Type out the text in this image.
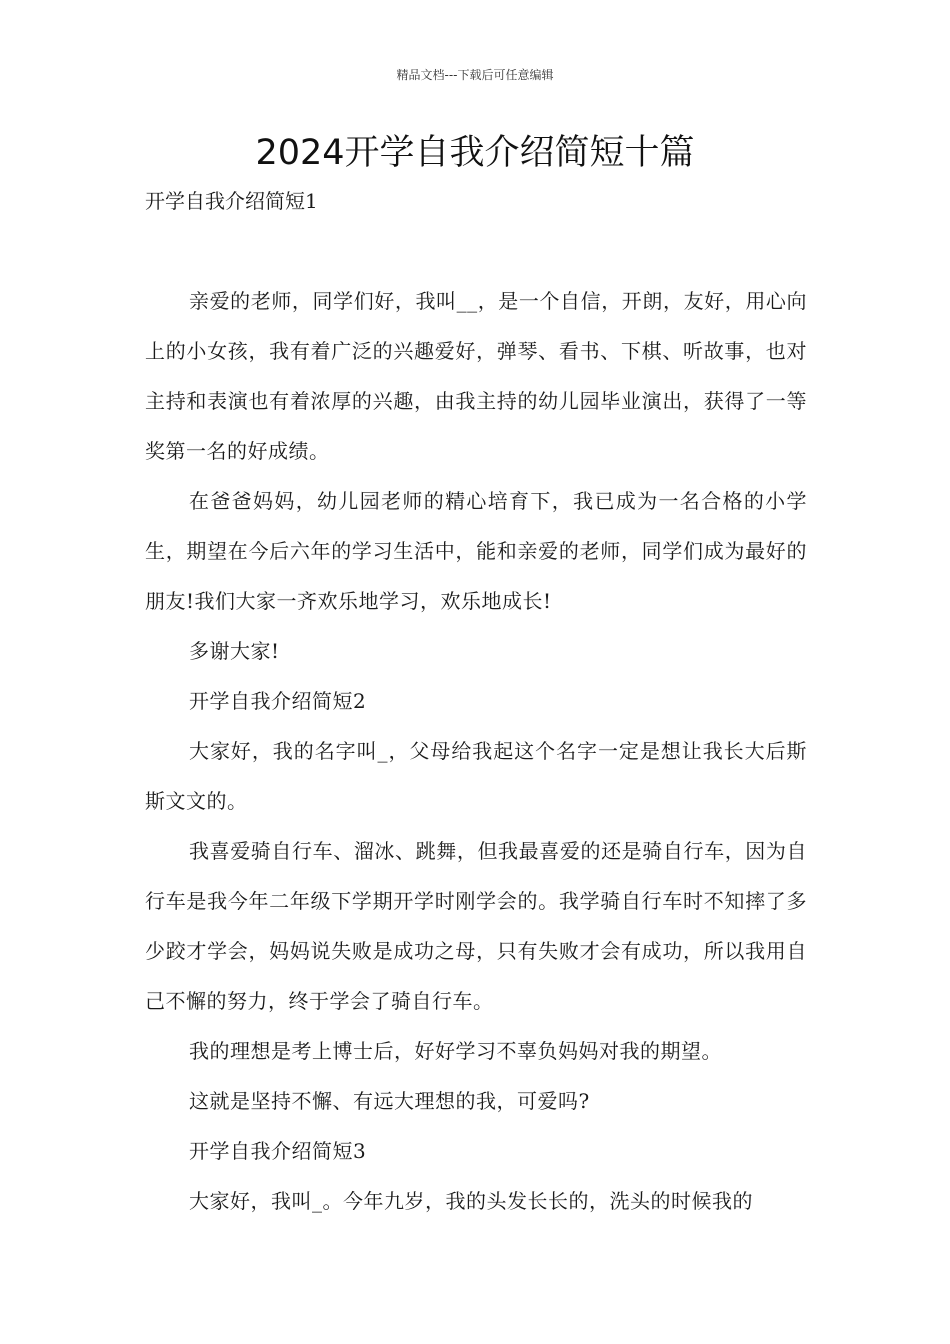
精品文档---下载后可任意编辑
2024开学自我介绍简短十篇
开学自我介绍简短1

亲爱的老师，同学们好，我叫__，是一个自信，开朗，友好，用心向上的小女孩，我有着广泛的兴趣爱好，弹琴、看书、下棋、听故事，也对主持和表演也有着浓厚的兴趣，由我主持的幼儿园毕业演出，获得了一等奖第一名的好成绩。

在爸爸妈妈，幼儿园老师的精心培育下，我已成为一名合格的小学生，期望在今后六年的学习生活中，能和亲爱的老师，同学们成为最好的朋友!我们大家一齐欢乐地学习，欢乐地成长!

多谢大家!

开学自我介绍简短2

大家好，我的名字叫_，父母给我起这个名字一定是想让我长大后斯斯文文的。

我喜爱骑自行车、溜冰、跳舞，但我最喜爱的还是骑自行车，因为自行车是我今年二年级下学期开学时刚学会的。我学骑自行车时不知摔了多少跤才学会，妈妈说失败是成功之母，只有失败才会有成功，所以我用自己不懈的努力，终于学会了骑自行车。

我的理想是考上博士后，好好学习不辜负妈妈对我的期望。

这就是坚持不懈、有远大理想的我，可爱吗?

开学自我介绍简短3

大家好，我叫_。今年九岁，我的头发长长的，洗头的时候我的
